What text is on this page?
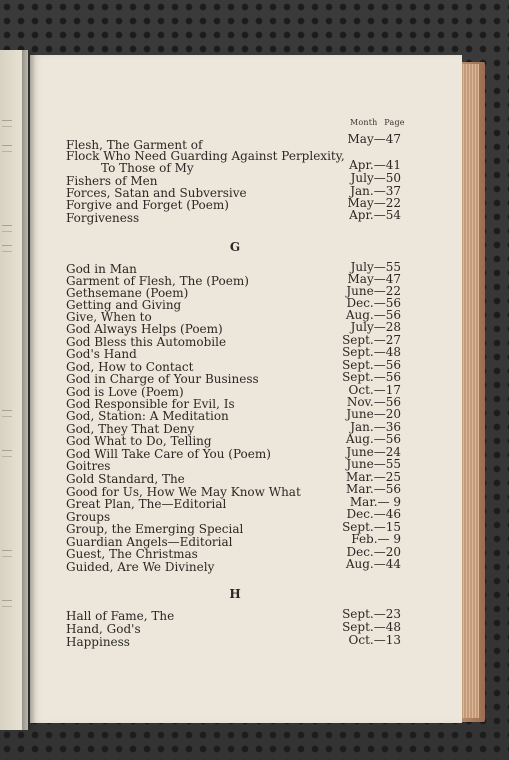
Month Page
Flesh, The Garment of	May—47
Flock Who Need Guarding Against Perplexity,
To Those of My	Apr.—41
Fishers of Men	July—50
Forces, Satan and Subversive	Jan.—37
Forgive and Forget (Poem)	May—22
Forgiveness	Apr.—54
G
God in Man	July—55
Garment of Flesh, The (Poem)	May—47
Gethsemane (Poem)	June—22
Getting and Giving	Dec.—56
Give, When to	Aug.—56
God Always Helps (Poem)	July—28
God Bless this Automobile	Sept.—27
God's Hand	Sept.—48
God, How to Contact	Sept.—56
God in Charge of Your Business	Sept.—56
God is Love (Poem)	Oct.—17
God Responsible for Evil, Is	Nov.—56
God, Station: A Meditation	June—20
God, They That Deny	Jan.—36
God What to Do, Telling	Aug.—56
God Will Take Care of You (Poem)	June—24
Goitres	June—55
Gold Standard, The	Mar.—25
Good for Us, How We May Know What	Mar.—56
Great Plan, The—Editorial	Mar.— 9
Groups	Dec.—46
Group, the Emerging Special	Sept.—15
Guardian Angels—Editorial	Feb.— 9
Guest, The Christmas	Dec.—20
Guided, Are We Divinely	Aug.—44
H
Hall of Fame, The	Sept.—23
Hand, God's	Sept.—48
Happiness	Oct.—13
